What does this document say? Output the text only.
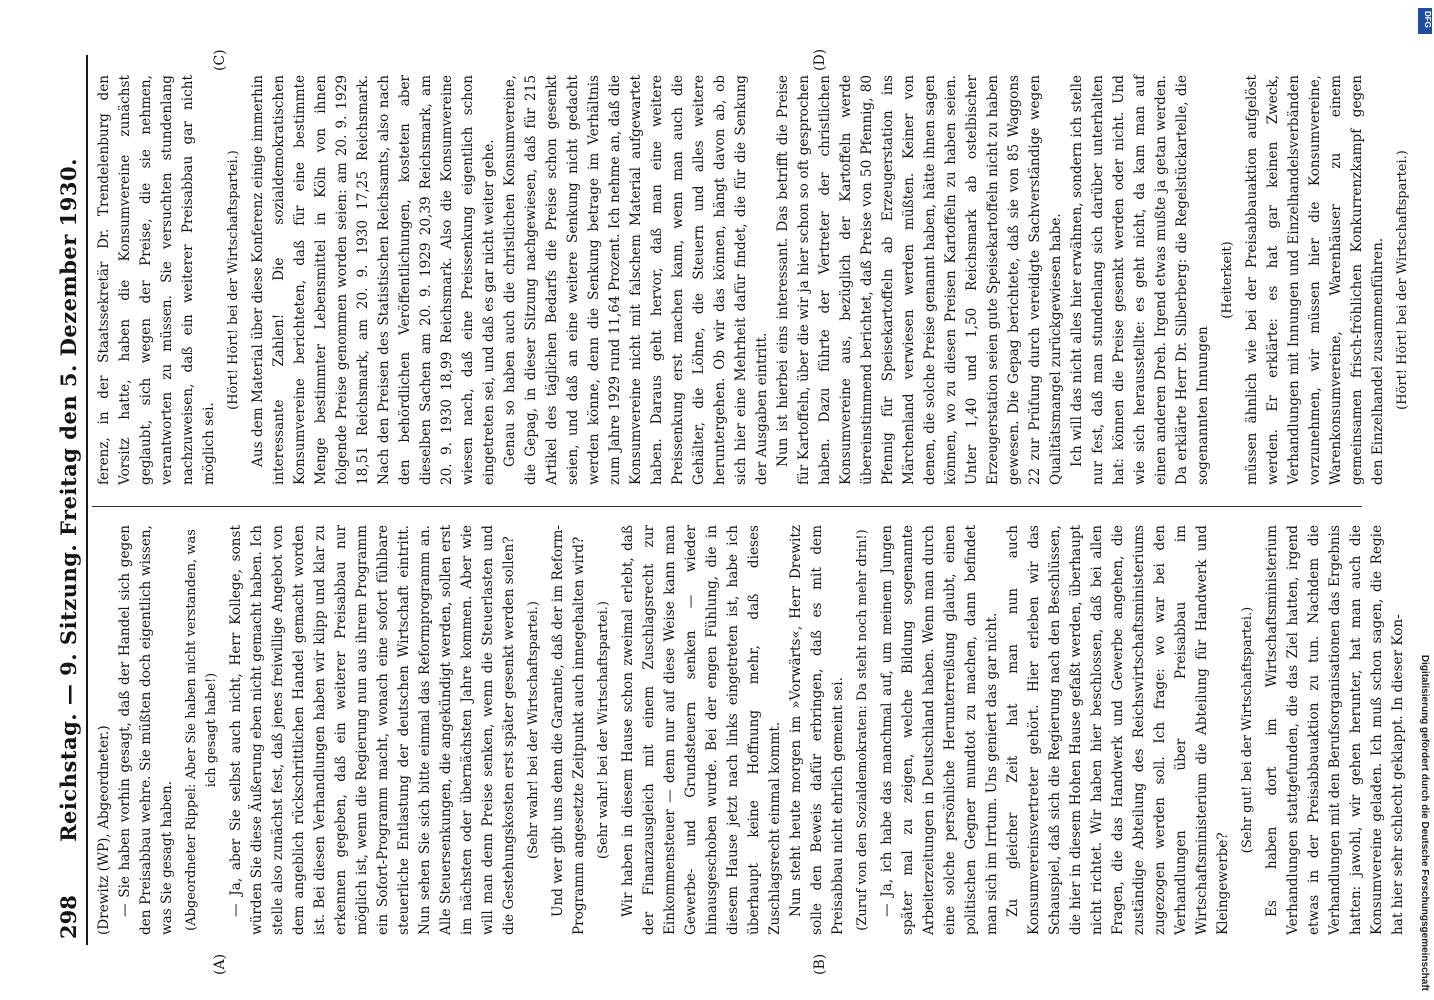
298
Reichstag. — 9. Sitzung. Freitag den 5. Dezember 1930.
(A)	(B)
(C)	(D)

(Drewitz (WP), Abgeordneter.) — Sie haben vorhin gesagt, daß der Handel sich gegen den Preisabbau wehre. Sie müßten doch eigentlich wissen, was Sie gesagt haben. (Abgeordneter Rippel: Aber Sie haben nicht verstanden, was ich gesagt habe!) — Ja, aber Sie selbst auch nicht, Herr Kollege, sonst würden Sie diese Äußerung eben nicht gemacht haben. Ich stelle also zunächst fest, daß jenes freiwillige Angebot von dem angeblich rückschrittlichen Handel gemacht worden ist. Bei diesen Verhandlungen haben wir klipp und klar zu erkennen gegeben, daß ein weiterer Preisabbau nur möglich ist, wenn die Regierung nun aus ihrem Programm ein Sofort-Programm macht, wonach eine sofort fühlbare steuerliche Entlastung der deutschen Wirtschaft eintritt. Nun sehen Sie sich bitte einmal das Reformprogramm an. Alle Steuersenkungen, die angekündigt werden, sollen erst im nächsten oder übernächsten Jahre kommen. Aber wie will man denn Preise senken, wenn die Steuerlasten und die Gestehungskosten erst später gesenkt werden sollen? (Sehr wahr! bei der Wirtschaftspartei.) Und wer gibt uns denn die Garantie, daß der im Reform-Programm angesetzte Zeitpunkt auch innegehalten wird? (Sehr wahr! bei der Wirtschaftspartei.) Wir haben in diesem Hause schon zweimal erlebt, daß der Finanzausgleich mit einem Zuschlagsrecht zur Einkommensteuer — denn nur auf diese Weise kann man Gewerbe- und Grundsteuern senken — wieder hinausgeschoben wurde. Bei der engen Fühlung, die in diesem Hause jetzt nach links eingetreten ist, habe ich überhaupt keine Hoffnung mehr, daß dieses Zuschlagsrecht einmal kommt. Nun steht heute morgen im »Vorwärts«, Herr Drewitz solle den Beweis dafür erbringen, daß es mit dem Preisabbau nicht ehrlich gemeint sei. (Zuruf von den Sozialdemokraten: Da steht noch mehr drin!) — Ja, ich habe das manchmal auf, um meinem Jungen später mal zu zeigen, welche Bildung sogenannte Arbeiterzeitungen in Deutschland haben. Wenn man durch eine solche persönliche Herunterreißung glaubt, einen politischen Gegner mundtot zu machen, dann befindet man sich im Irrtum. Uns geniert das gar nicht. Zu gleicher Zeit hat man nun auch Konsumvereinsvertreter gehört. Hier erleben wir das Schauspiel, daß sich die Regierung nach den Beschlüssen, die hier in diesem Hohen Hause gefaßt werden, überhaupt nicht richtet. Wir haben hier beschlossen, daß bei allen Fragen, die das Handwerk und Gewerbe angehen, die zuständige Abteilung des Reichswirtschaftsministeriums zugezogen werden soll. Ich frage: wo war bei den Verhandlungen über Preisabbau im Wirtschaftsministerium die Abteilung für Handwerk und Kleingewerbe?

(Sehr gut! bei der Wirtschaftspartei.) Es haben dort im Wirtschaftsministerium Verhandlungen stattgefunden, die das Ziel hatten, irgend etwas in der Preisabbauaktion zu tun. Nachdem die Verhandlungen mit den Berufsorganisationen das Ergebnis hatten: jawohl, wir gehen herunter, hat man auch die Konsumvereine geladen. Ich muß schon sagen, die Regie hat hier sehr schlecht geklappt. In dieser Kon-

ferenz, in der Staatssekretär Dr. Trendelenburg den Vorsitz hatte, haben die Konsumvereine zunächst geglaubt, sich wegen der Preise, die sie nehmen, verantworten zu müssen. Sie versuchten stundenlang nachzuweisen, daß ein weiterer Preisabbau gar nicht möglich sei.

(Hört! Hört! bei der Wirtschaftspartei.) Aus dem Material über diese Konferenz einige immerhin interessante Zahlen! Die sozialdemokratischen Konsumvereine berichteten, daß für eine bestimmte Menge bestimmter Lebensmittel in Köln von ihnen folgende Preise genommen worden seien: am 20. 9. 1929 18,51 Reichsmark, am 20. 9. 1930 17,25 Reichsmark. Nach den Preisen des Statistischen Reichsamts, also nach den behördlichen Veröffentlichungen, kosteten aber dieselben Sachen am 20. 9. 1929 20,39 Reichsmark, am 20. 9. 1930 18,99 Reichsmark. Also die Konsumvereine wiesen nach, daß eine Preissenkung eigentlich schon eingetreten sei, und daß es gar nicht weiter gehe. Genau so haben auch die christlichen Konsumvereine, die Gepag, in dieser Sitzung nachgewiesen, daß für 215 Artikel des täglichen Bedarfs die Preise schon gesenkt seien, und daß an eine weitere Senkung nicht gedacht werden könne, denn die Senkung betrage im Verhältnis zum Jahre 1929 rund 11,64 Prozent. Ich nehme an, daß die Konsumvereine nicht mit falschem Material aufgewartet haben. Daraus geht hervor, daß man eine weitere Preissenkung erst machen kann, wenn man auch die Gehälter, die Löhne, die Steuern und alles weitere heruntergehen. Ob wir das können, hängt davon ab, ob sich hier eine Mehrheit dafür findet, die für die Senkung der Ausgaben eintritt. Nun ist hierbei eins interessant. Das betrifft die Preise für Kartoffeln, über die wir ja hier schon so oft gesprochen haben. Dazu führte der Vertreter der christlichen Konsumvereine aus, bezüglich der Kartoffeln werde übereinstimmend berichtet, daß Preise von 50 Pfennig, 80 Pfennig für Speisekartoffeln ab Erzeugerstation ins Märchenland verwiesen werden müßten. Keiner von denen, die solche Preise genannt haben, hätte ihnen sagen können, wo zu diesen Preisen Kartoffeln zu haben seien. Unter 1,40 und 1,50 Reichsmark ab ostelbischer Erzeugerstation seien gute Speisekartoffeln nicht zu haben gewesen. Die Gepag berichtete, daß sie von 85 Waggons 22 zur Prüfung durch vereidigte Sachverständige wegen Qualitätsmangel zurückgewiesen habe. Ich will das nicht alles hier erwähnen, sondern ich stelle nur fest, daß man stundenlang sich darüber unterhalten hat: können die Preise gesenkt werden oder nicht. Und wie sich herausstellte: es geht nicht, da kam man auf einen anderen Dreh. Irgend etwas mußte ja getan werden. Da erklärte Herr Dr. Silberberg: die Regelstückartelle, die sogenannten Innungen

(Heiterkeit) müssen ähnlich wie bei der Preisabbauaktion aufgelöst werden. Er erklärte: es hat gar keinen Zweck, Verhandlungen mit Innungen und Einzelhandelsverbänden vorzunehmen, wir müssen hier die Konsumvereine, Warenkonsumvereine, Warenhäuser zu einem gemeinsamen frisch-fröhlichen Konkurrenzkampf gegen den Einzelhandel zusammenführen. (Hört! Hört! bei der Wirtschaftspartei.)
Digitalisierung gefördert durch die Deutsche Forschungsgemeinschaft
DFG
